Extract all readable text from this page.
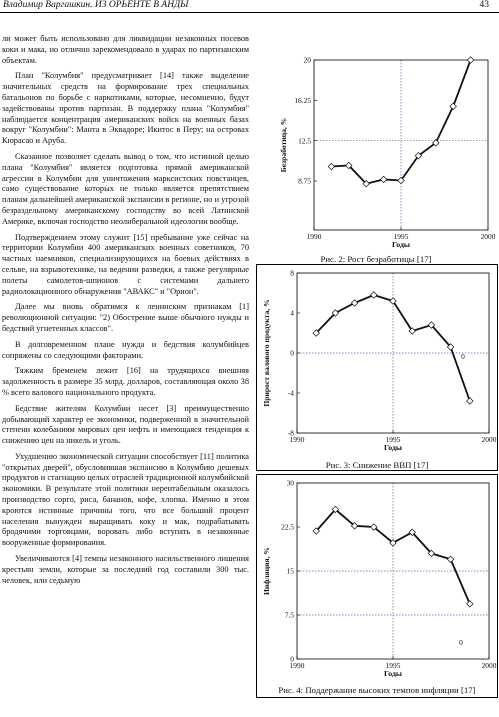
Владимир Варгашкин. ИЗ ОРЬЕНТЕ В АНДЫ	43

ли может быть использовано для ликвидации незаконных посевов коки и мака, но отлично зарекомендовало в ударах по партизанским объектам.

План "Колумбия" предусматривает [14] также выделение значительных средств на формирование трех специальных батальонов по борьбе с наркотиками, которые, несомненно, будут задействованы против партизан. В поддержку плана "Колумбия" наблюдается концентрация американских войск на военных базах вокруг "Колумбии": Манта в Эквадоре; Икитос в Перу; на островах Кюрасао и Аруба.

Сказанное позволяет сделать вывод о том, что истинной целью плана "Колумбия" является подготовка прямой американской агрессии в Колумбии для уничтожения марксистских повстанцев, само существование которых не только является препятствием планам дальнейшей американской экспансии в регионе, но и угрозой безраздельному американскому господству во всей Латинской Америке, включая господство неолиберальной идеологии вообще.

Подтверждением этому служит [15] пребывание уже сейчас на территории Колумбии 400 американских военных советников, 70 частных наемников, специализирующихся на боевых действиях в сельве, на взрывотехнике, на ведении разведки, а также регулярные полеты самолетов-шпионов с системами дальнего радиолокационного обнаружения "АВАКС" и "Орион".

Далее мы вновь обратимся к ленинским признакам [1] революционной ситуации: "2) Обострение выше обычного нужды и бедствий угнетенных классов".

В долговременном плане нужда и бедствия колумбийцев сопряжены со следующими факторами.

Тяжким бременем лежит [16] на трудящихся внешняя задолженность в размере 35 млрд. долларов, составляющая около 38 % всего валового национального продукта.

Бедствие жителям Колумбии несет [3] преимущественно добывающий характер ее экономики, подверженной в значительной степени колебаниям мировых цен нефть и имеющаяся тенденция к снижению цен на никель и уголь.

Ухудшению экономической ситуации способствует [11] политика "открытых дверей", обусловившая экспансию в Колумбию дешевых продуктов и стагнацию целых отраслей традиционной колумбийской экономики. В результате этой политики нерентабельным оказалось производство сорго, риса, бананов, кофе, хлопка. Именно в этом кроются истинные причины того, что все больший процент населения вынужден выращивать коку и мак, подрабатывать бродячими торговцами, воровать либо вступать в незаконные вооруженные формирования.

Увеличиваются [4] темпы незаконного насильственного лишения крестьян земли, которые за последний год составили 300 тыс. человек, или седьмую

20
16.25
12.5
8.75
1990	1995	2000
Годы
Безработица, %
Рис. 2: Рост безработицы [17]
8
4
0
-4
-8
1990	1995	2000
Годы
Прирост валового продукта, %	0
Рис. 3: Снижение ВВП [17]
30
22.5
15
7.5
0
1990	1995	2000
Годы
Инфляция, %
0
Рис. 4: Поддержание высоких темпов инфляции [17]
